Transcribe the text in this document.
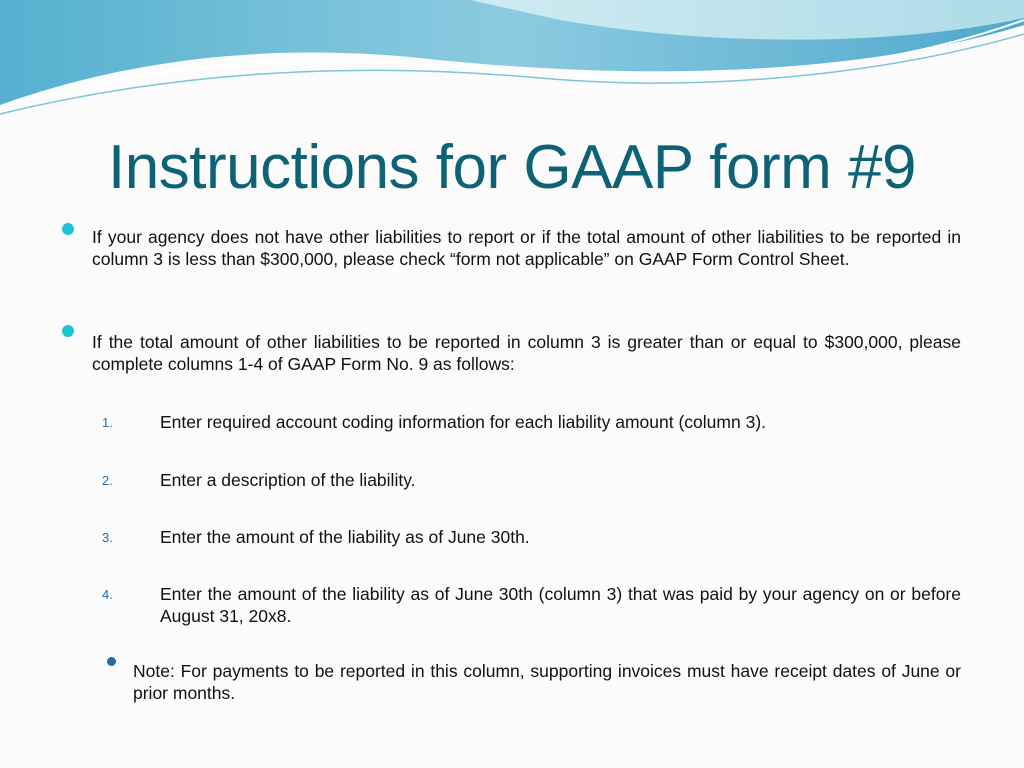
Instructions for GAAP form #9
If your agency does not have other liabilities to report or if the total amount of other liabilities to be reported in column 3 is less than $300,000, please check “form not applicable” on GAAP Form Control Sheet.
If the total amount of other liabilities to be reported in column 3 is greater than or equal to $300,000, please complete columns 1-4 of GAAP Form No. 9 as follows:
1.	Enter required account coding information for each liability amount (column 3).
2.	Enter a description of the liability.
3.	Enter the amount of the liability as of June 30th.
4.	Enter the amount of the liability as of June 30th (column 3) that was paid by your agency on or before August 31, 20x8.
Note: For payments to be reported in this column, supporting invoices must have receipt dates of June or prior months.
